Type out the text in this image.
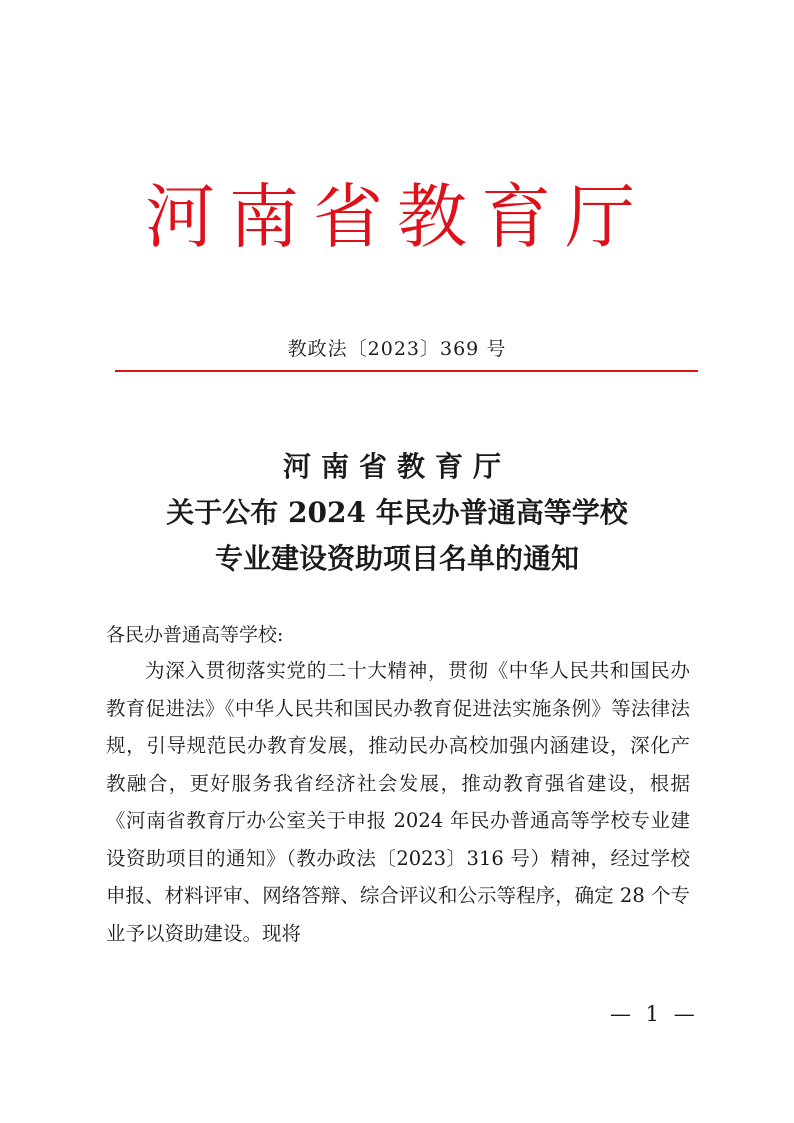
河南省教育厅
教政法〔2023〕369 号
河南省教育厅
关于公布 2024 年民办普通高等学校
专业建设资助项目名单的通知
各民办普通高等学校:

为深入贯彻落实党的二十大精神，贯彻《中华人民共和国民办教育促进法》《中华人民共和国民办教育促进法实施条例》等法律法规，引导规范民办教育发展，推动民办高校加强内涵建设，深化产教融合，更好服务我省经济社会发展，推动教育强省建设，根据《河南省教育厅办公室关于申报 2024 年民办普通高等学校专业建设资助项目的通知》（教办政法〔2023〕316 号）精神，经过学校申报、材料评审、网络答辩、综合评议和公示等程序，确定 28 个专业予以资助建设。现将

— 1 —
